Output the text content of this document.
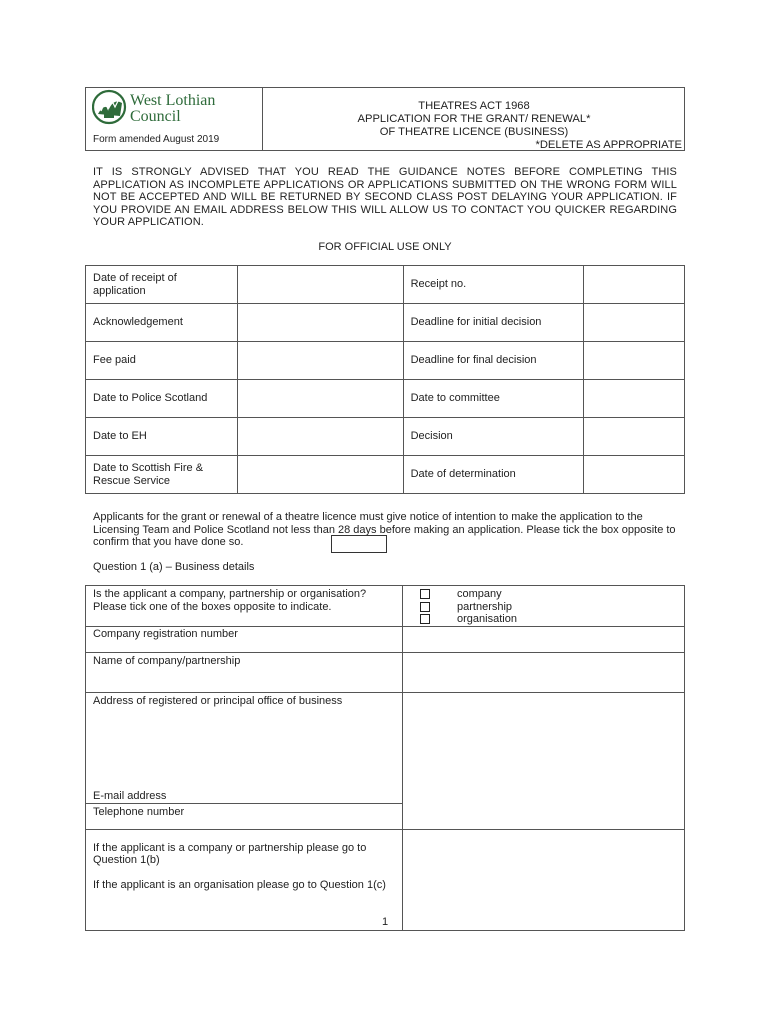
West Lothian
Council
Form amended August 2019
THEATRES ACT 1968
APPLICATION FOR THE GRANT/ RENEWAL*
OF THEATRE LICENCE (BUSINESS)
*DELETE AS APPROPRIATE
IT IS STRONGLY ADVISED THAT YOU READ THE GUIDANCE NOTES BEFORE COMPLETING THIS APPLICATION AS INCOMPLETE APPLICATIONS OR APPLICATIONS SUBMITTED ON THE WRONG FORM WILL NOT BE ACCEPTED AND WILL BE RETURNED BY SECOND CLASS POST DELAYING YOUR APPLICATION. IF YOU PROVIDE AN EMAIL ADDRESS BELOW THIS WILL ALLOW US TO CONTACT YOU QUICKER REGARDING YOUR APPLICATION.
FOR OFFICIAL USE ONLY
Date of receipt of application		Receipt no.	
Acknowledgement		Deadline for initial decision	
Fee paid		Deadline for final decision	
Date to Police Scotland		Date to committee	
Date to EH		Decision	
Date to Scottish Fire & Rescue Service		Date of determination	
Applicants for the grant or renewal of a theatre licence must give notice of intention to make the application to the Licensing Team and Police Scotland not less than 28 days before making an application. Please tick the box opposite to confirm that you have done so.
Question 1 (a) – Business details
Is the applicant a company, partnership or organisation? Please tick one of the boxes opposite to indicate.	company
partnership
organisation

Company registration number	
Name of company/partnership	

Address of registered or principal office of business
E-mail address	

Telephone number	

If the applicant is a company or partnership please go to Question 1(b)
If the applicant is an organisation please go to Question 1(c)	

1
